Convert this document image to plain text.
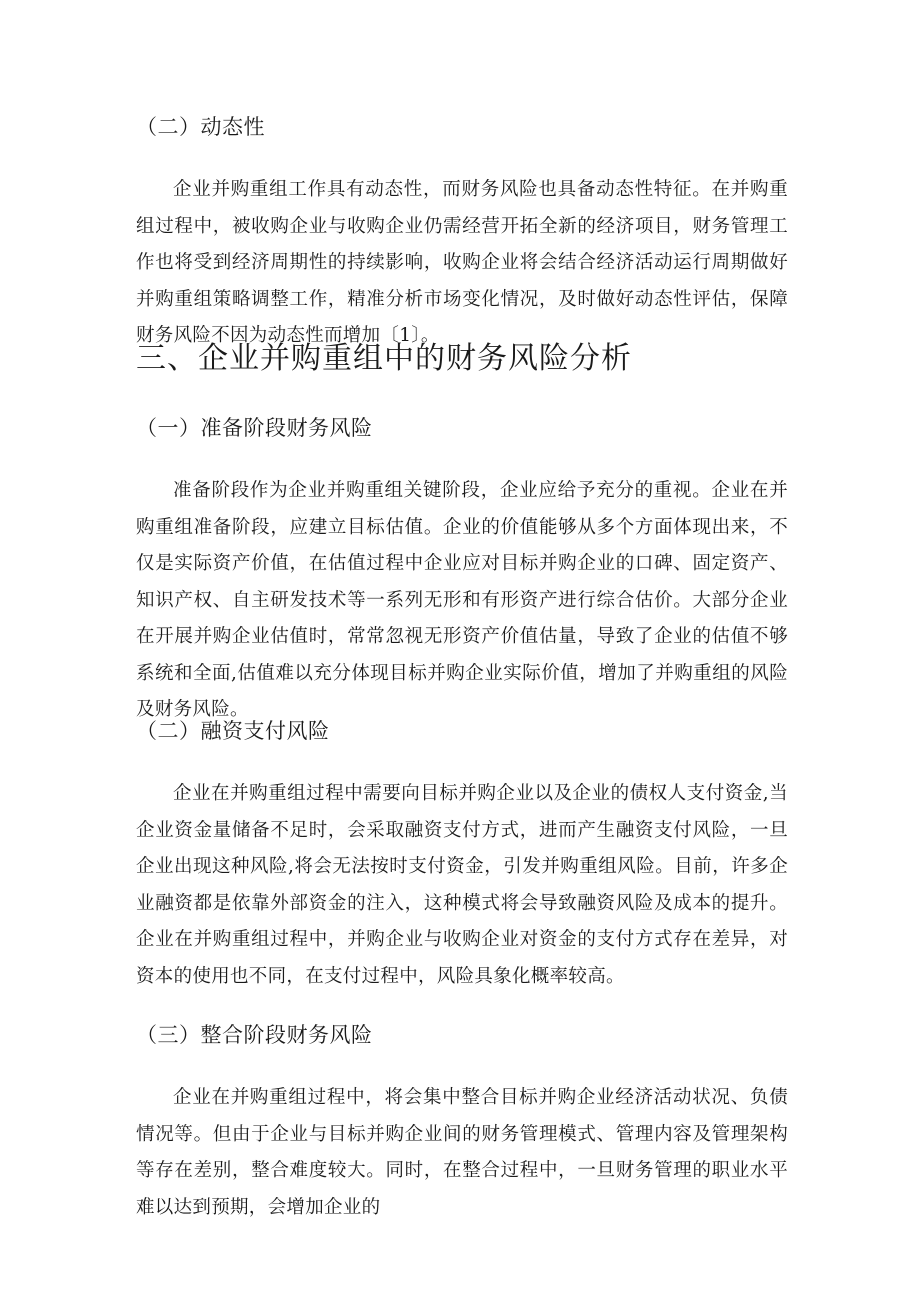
（二）动态性
企业并购重组工作具有动态性，而财务风险也具备动态性特征。在并购重组过程中，被收购企业与收购企业仍需经营开拓全新的经济项目，财务管理工作也将受到经济周期性的持续影响，收购企业将会结合经济活动运行周期做好并购重组策略调整工作，精准分析市场变化情况，及时做好动态性评估，保障财务风险不因为动态性而增加〔1〕。
三、企业并购重组中的财务风险分析
（一）准备阶段财务风险
准备阶段作为企业并购重组关键阶段，企业应给予充分的重视。企业在并购重组准备阶段，应建立目标估值。企业的价值能够从多个方面体现出来，不仅是实际资产价值，在估值过程中企业应对目标并购企业的口碑、固定资产、知识产权、自主研发技术等一系列无形和有形资产进行综合估价。大部分企业在开展并购企业估值时，常常忽视无形资产价值估量，导致了企业的估值不够系统和全面,估值难以充分体现目标并购企业实际价值，增加了并购重组的风险及财务风险。
（二）融资支付风险
企业在并购重组过程中需要向目标并购企业以及企业的债权人支付资金,当企业资金量储备不足时，会采取融资支付方式，进而产生融资支付风险，一旦企业出现这种风险,将会无法按时支付资金，引发并购重组风险。目前，许多企业融资都是依靠外部资金的注入，这种模式将会导致融资风险及成本的提升。企业在并购重组过程中，并购企业与收购企业对资金的支付方式存在差异，对资本的使用也不同，在支付过程中，风险具象化概率较高。
（三）整合阶段财务风险
企业在并购重组过程中，将会集中整合目标并购企业经济活动状况、负债情况等。但由于企业与目标并购企业间的财务管理模式、管理内容及管理架构等存在差别，整合难度较大。同时，在整合过程中，一旦财务管理的职业水平难以达到预期，会增加企业的
